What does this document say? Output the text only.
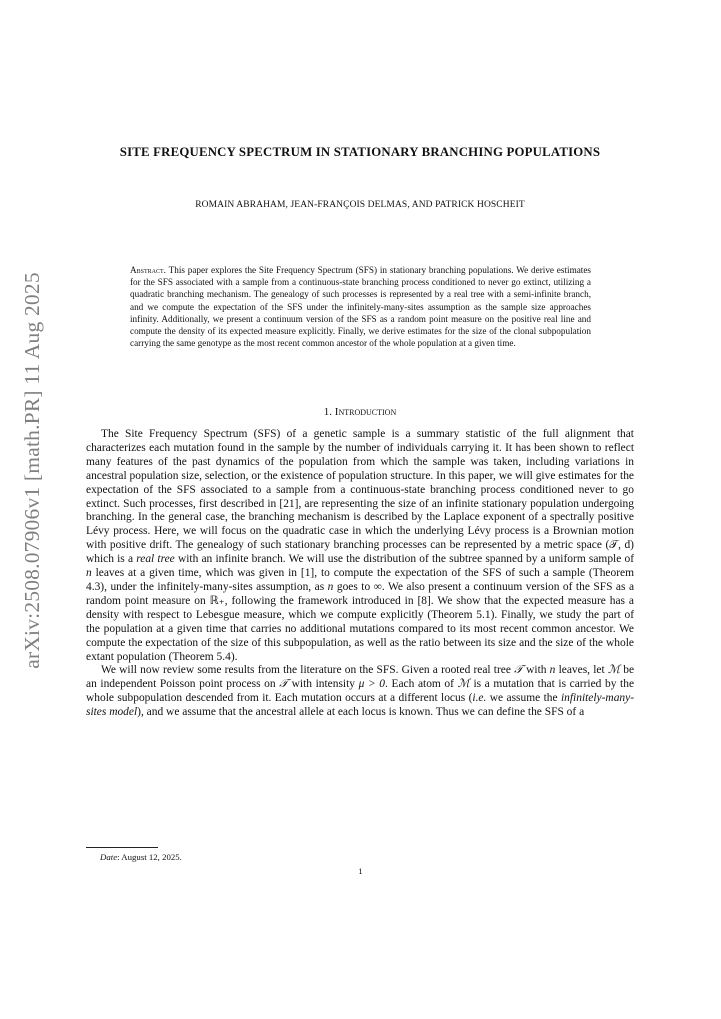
arXiv:2508.07906v1 [math.PR] 11 Aug 2025
SITE FREQUENCY SPECTRUM IN STATIONARY BRANCHING POPULATIONS
ROMAIN ABRAHAM, JEAN-FRANÇOIS DELMAS, AND PATRICK HOSCHEIT
Abstract. This paper explores the Site Frequency Spectrum (SFS) in stationary branching populations. We derive estimates for the SFS associated with a sample from a continuous-state branching process conditioned to never go extinct, utilizing a quadratic branching mechanism. The genealogy of such processes is represented by a real tree with a semi-infinite branch, and we compute the expectation of the SFS under the infinitely-many-sites assumption as the sample size approaches infinity. Additionally, we present a continuum version of the SFS as a random point measure on the positive real line and compute the density of its expected measure explicitly. Finally, we derive estimates for the size of the clonal subpopulation carrying the same genotype as the most recent common ancestor of the whole population at a given time.
1. Introduction

The Site Frequency Spectrum (SFS) of a genetic sample is a summary statistic of the full alignment that characterizes each mutation found in the sample by the number of individuals carrying it. It has been shown to reflect many features of the past dynamics of the population from which the sample was taken, including variations in ancestral population size, selection, or the existence of population structure. In this paper, we will give estimates for the expectation of the SFS associated to a sample from a continuous-state branching process conditioned never to go extinct. Such processes, first described in [21], are representing the size of an infinite stationary population undergoing branching. In the general case, the branching mechanism is described by the Laplace exponent of a spectrally positive Lévy process. Here, we will focus on the quadratic case in which the underlying Lévy process is a Brownian motion with positive drift. The genealogy of such stationary branching processes can be represented by a metric space (𝒯, d) which is a real tree with an infinite branch. We will use the distribution of the subtree spanned by a uniform sample of n leaves at a given time, which was given in [1], to compute the expectation of the SFS of such a sample (Theorem 4.3), under the infinitely-many-sites assumption, as n goes to ∞. We also present a continuum version of the SFS as a random point measure on ℝ₊, following the framework introduced in [8]. We show that the expected measure has a density with respect to Lebesgue measure, which we compute explicitly (Theorem 5.1). Finally, we study the part of the population at a given time that carries no additional mutations compared to its most recent common ancestor. We compute the expectation of the size of this subpopulation, as well as the ratio between its size and the size of the whole extant population (Theorem 5.4).

We will now review some results from the literature on the SFS. Given a rooted real tree 𝒯 with n leaves, let ℳ be an independent Poisson point process on 𝒯 with intensity μ > 0. Each atom of ℳ is a mutation that is carried by the whole subpopulation descended from it. Each mutation occurs at a different locus (i.e. we assume the infinitely-many-sites model), and we assume that the ancestral allele at each locus is known. Thus we can define the SFS of a

Date: August 12, 2025.
1
